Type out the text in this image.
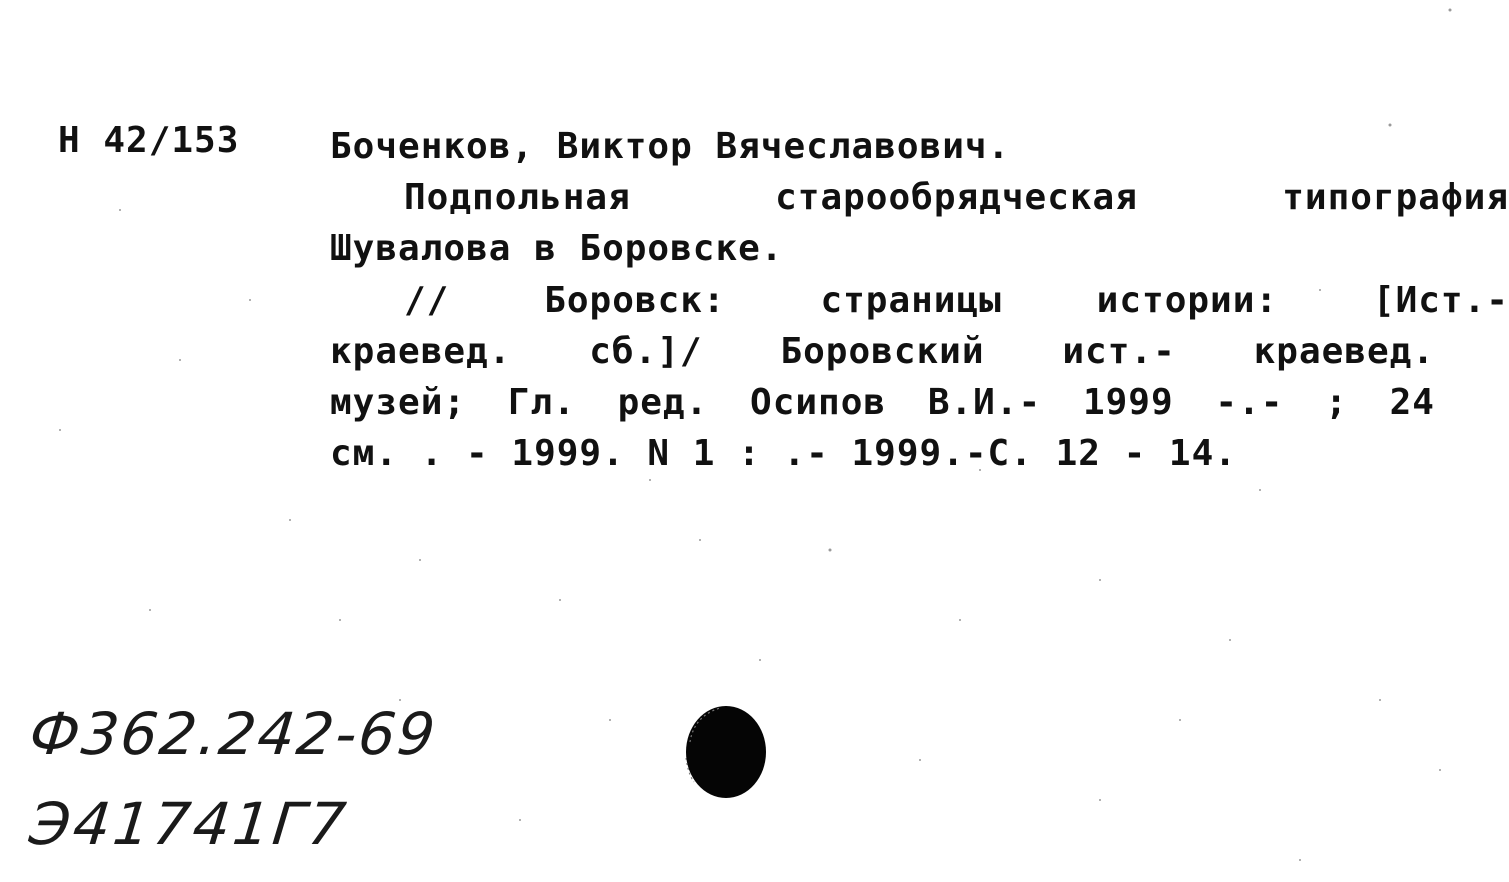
Н 42/153	Боченков, Виктор Вячеславович.
Подпольная	старообрядческая	типография
Шувалова в Боровске.
//	Боровск:	страницы	истории:	[Ист.-
краевед. сб.]/ Боровский ист.- краевед.
музей; Гл. ред. Осипов В.И.- 1999 -.- ; 24
см. . - 1999. N 1 : .- 1999.-С. 12 - 14.
Ф362.242-69
Э41741Г7
